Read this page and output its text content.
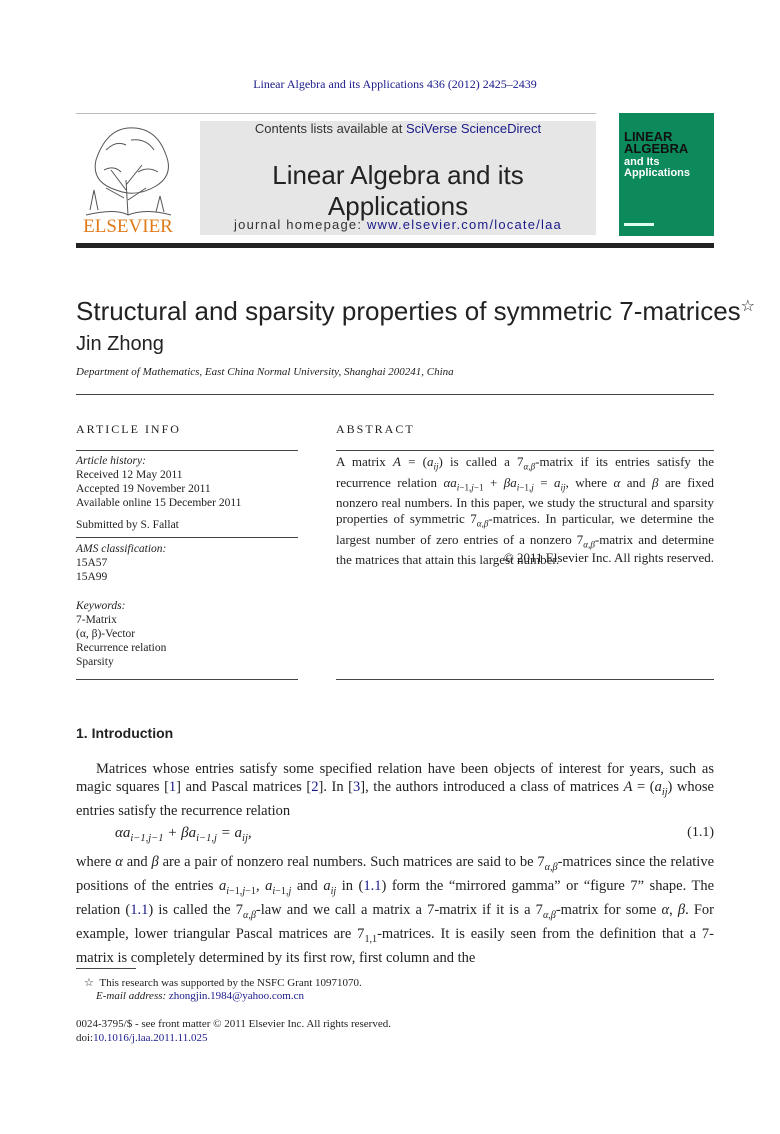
Linear Algebra and its Applications 436 (2012) 2425–2439
ELSEVIER
Contents lists available at SciVerse ScienceDirect
Linear Algebra and its Applications
journal homepage: www.elsevier.com/locate/laa
LINEAR
ALGEBRA
and Its
Applications
Structural and sparsity properties of symmetric 7-matrices☆
Jin Zhong
Department of Mathematics, East China Normal University, Shanghai 200241, China
ARTICLE INFO
Article history:
Received 12 May 2011
Accepted 19 November 2011
Available online 15 December 2011
Submitted by S. Fallat
AMS classification:
15A57
15A99
Keywords:
7-Matrix
(α, β)-Vector
Recurrence relation
Sparsity
ABSTRACT
A matrix $A = (a_{ij})$ is called a $7_{\alpha,\beta}$-matrix if its entries satisfy the recurrence relation $\alpha a_{i-1,j-1} + \beta a_{i-1,j} = a_{ij}$, where α and β are fixed nonzero real numbers. In this paper, we study the structural and sparsity properties of symmetric $7_{\alpha,\beta}$-matrices. In particular, we determine the largest number of zero entries of a nonzero $7_{\alpha,\beta}$-matrix and determine the matrices that attain this largest number.
© 2011 Elsevier Inc. All rights reserved.
1. Introduction
Matrices whose entries satisfy some specified relation have been objects of interest for years, such as magic squares [1] and Pascal matrices [2]. In [3], the authors introduced a class of matrices $A = (a_{ij})$ whose entries satisfy the recurrence relation
$\alpha a_{i-1,j-1} + \beta a_{i-1,j} = a_{ij}$,	(1.1)
where α and β are a pair of nonzero real numbers. Such matrices are said to be $7_{\alpha,\beta}$-matrices since the relative positions of the entries $a_{i-1,j-1}$, $a_{i-1,j}$ and $a_{ij}$ in (1.1) form the “mirrored gamma” or “figure 7” shape. The relation (1.1) is called the $7_{\alpha,\beta}$-law and we call a matrix a 7-matrix if it is a $7_{\alpha,\beta}$-matrix for some α, β. For example, lower triangular Pascal matrices are $7_{1,1}$-matrices. It is easily seen from the definition that a 7-matrix is completely determined by its first row, first column and the
☆ This research was supported by the NSFC Grant 10971070.
E-mail address: zhongjin.1984@yahoo.com.cn
0024-3795/$ - see front matter © 2011 Elsevier Inc. All rights reserved.
doi:10.1016/j.laa.2011.11.025
